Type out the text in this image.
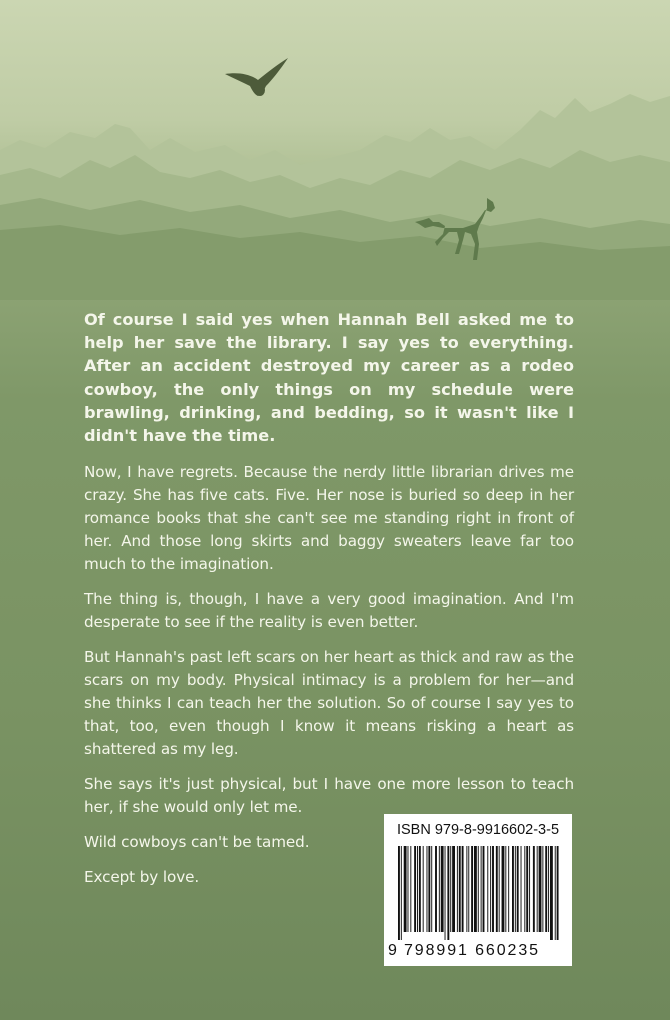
Of course I said yes when Hannah Bell asked me to help her save the library. I say yes to everything. After an accident destroyed my career as a rodeo cowboy, the only things on my schedule were brawling, drinking, and bedding, so it wasn't like I didn't have the time.

Now, I have regrets. Because the nerdy little librarian drives me crazy. She has five cats. Five. Her nose is buried so deep in her romance books that she can't see me standing right in front of her. And those long skirts and baggy sweaters leave far too much to the imagination.

The thing is, though, I have a very good imagination. And I'm desperate to see if the reality is even better.

But Hannah's past left scars on her heart as thick and raw as the scars on my body. Physical intimacy is a problem for her—and she thinks I can teach her the solution. So of course I say yes to that, too, even though I know it means risking a heart as shattered as my leg.

She says it's just physical, but I have one more lesson to teach her, if she would only let me.

Wild cowboys can't be tamed.

Except by love.

ISBN 979-8-9916602-3-5
9 798991 660235
